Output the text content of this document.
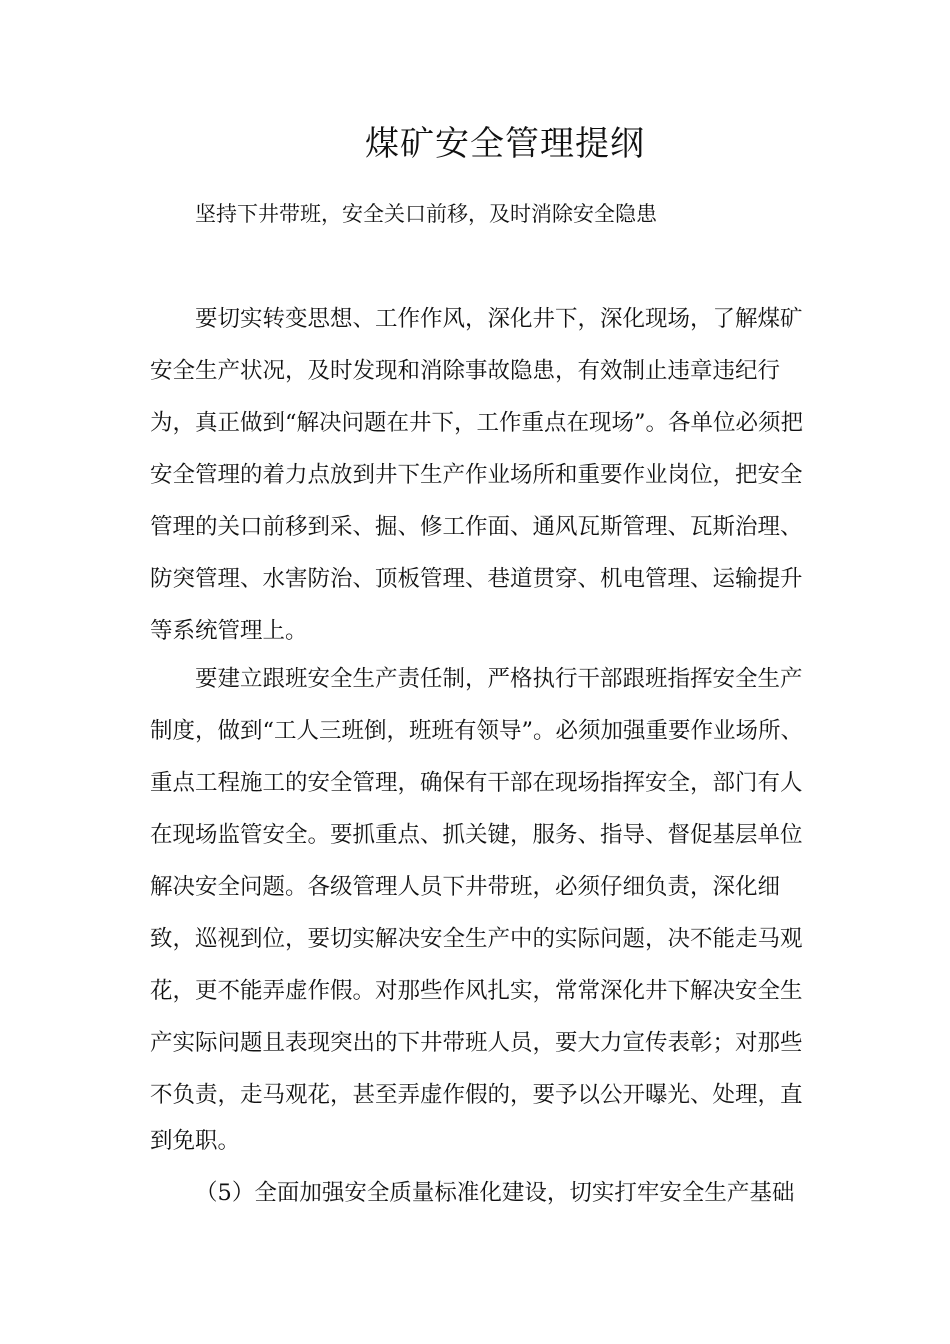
煤矿安全管理提纲
坚持下井带班，安全关口前移，及时消除安全隐患
要切实转变思想、工作作风，深化井下，深化现场，了解煤矿
安全生产状况，及时发现和消除事故隐患，有效制止违章违纪行
为，真正做到“解决问题在井下，工作重点在现场”。各单位必须把
安全管理的着力点放到井下生产作业场所和重要作业岗位，把安全
管理的关口前移到采、掘、修工作面、通风瓦斯管理、瓦斯治理、
防突管理、水害防治、顶板管理、巷道贯穿、机电管理、运输提升
等系统管理上。
要建立跟班安全生产责任制，严格执行干部跟班指挥安全生产
制度，做到“工人三班倒，班班有领导”。必须加强重要作业场所、
重点工程施工的安全管理，确保有干部在现场指挥安全，部门有人
在现场监管安全。要抓重点、抓关键，服务、指导、督促基层单位
解决安全问题。各级管理人员下井带班，必须仔细负责，深化细
致，巡视到位，要切实解决安全生产中的实际问题，决不能走马观
花，更不能弄虚作假。对那些作风扎实，常常深化井下解决安全生
产实际问题且表现突出的下井带班人员，要大力宣传表彰；对那些
不负责，走马观花，甚至弄虚作假的，要予以公开曝光、处理，直
到免职。
（5）全面加强安全质量标准化建设，切实打牢安全生产基础
